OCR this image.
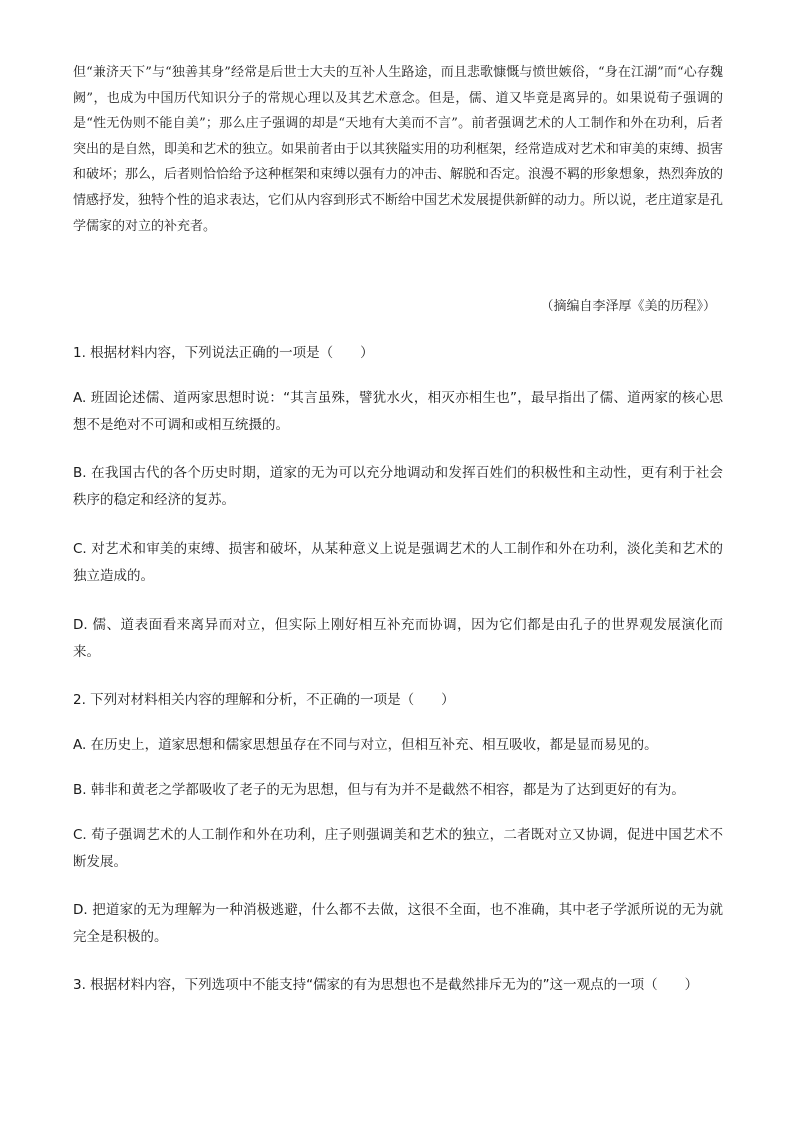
但“兼济天下”与“独善其身”经常是后世士大夫的互补人生路途，而且悲歌慷慨与愤世嫉俗，“身在江湖”而“心存魏阙”，也成为中国历代知识分子的常规心理以及其艺术意念。但是，儒、道又毕竟是离异的。如果说荀子强调的是“性无伪则不能自美”；那么庄子强调的却是“天地有大美而不言”。前者强调艺术的人工制作和外在功利，后者突出的是自然，即美和艺术的独立。如果前者由于以其狭隘实用的功利框架，经常造成对艺术和审美的束缚、损害和破坏；那么，后者则恰恰给予这种框架和束缚以强有力的冲击、解脱和否定。浪漫不羁的形象想象，热烈奔放的情感抒发，独特个性的追求表达，它们从内容到形式不断给中国艺术发展提供新鲜的动力。所以说，老庄道家是孔学儒家的对立的补充者。
（摘编自李泽厚《美的历程》）
1. 根据材料内容，下列说法正确的一项是（　　）
A. 班固论述儒、道两家思想时说：“其言虽殊，譬犹水火，相灭亦相生也”，最早指出了儒、道两家的核心思想不是绝对不可调和或相互统摄的。
B. 在我国古代的各个历史时期，道家的无为可以充分地调动和发挥百姓们的积极性和主动性，更有利于社会秩序的稳定和经济的复苏。
C. 对艺术和审美的束缚、损害和破坏，从某种意义上说是强调艺术的人工制作和外在功利，淡化美和艺术的独立造成的。
D. 儒、道表面看来离异而对立，但实际上刚好相互补充而协调，因为它们都是由孔子的世界观发展演化而来。
2. 下列对材料相关内容的理解和分析，不正确的一项是（　　）
A. 在历史上，道家思想和儒家思想虽存在不同与对立，但相互补充、相互吸收，都是显而易见的。
B. 韩非和黄老之学都吸收了老子的无为思想，但与有为并不是截然不相容，都是为了达到更好的有为。
C. 荀子强调艺术的人工制作和外在功利，庄子则强调美和艺术的独立，二者既对立又协调，促进中国艺术不断发展。
D. 把道家的无为理解为一种消极逃避，什么都不去做，这很不全面，也不准确，其中老子学派所说的无为就完全是积极的。
3. 根据材料内容，下列选项中不能支持“儒家的有为思想也不是截然排斥无为的”这一观点的一项（　　）
